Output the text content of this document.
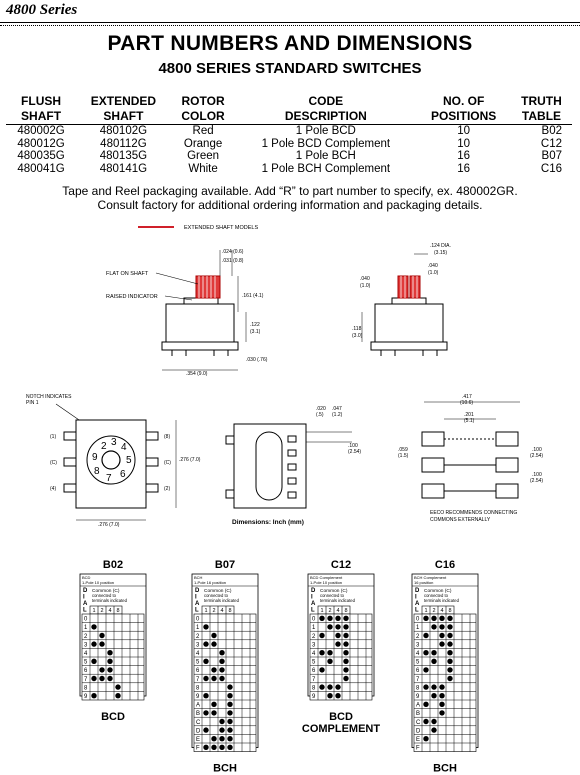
4800 Series
PART NUMBERS AND DIMENSIONS
4800 SERIES STANDARD SWITCHES
FLUSH	EXTENDED	ROTOR	CODE	NO. OF	TRUTH
SHAFT	SHAFT	COLOR	DESCRIPTION	POSITIONS	TABLE
480002G	480102G	Red	1 Pole BCD	10	B02
480012G	480112G	Orange	1 Pole BCD Complement	10	C12
480035G	480135G	Green	1 Pole BCH	16	B07
480041G	480141G	White	1 Pole BCH Complement	16	C16
Tape and Reel packaging available. Add “R” to part number to specify, ex. 480002GR.
Consult factory for additional ordering information and packaging details.
EXTENDED SHAFT MODELS
FLAT ON SHAFT
RAISED INDICATOR
.024 (0.6)
.031 (0.8)
.161 (4.1)
.122
(3.1)
.030 (.76)
.354 (9.0)
.124 DIA.
(3.15)
.040
(1.0)
.040
(1.0)
.118
(3.0)
NOTCH INDICATES
PIN 1
2 3 4
5
6
7
8
9
(1)
(C)
(4)
(8)
(C)
(2)
.276 (7.0)
.276 (7.0)
.020
(.5)
.047
(1.2)
.100
(2.54)
Dimensions: Inch (mm)
.417
(10.6)
.201
(5.1)
.059
(1.5)
.100
(2.54)
.100
(2.54)
EECO RECOMMENDS CONNECTING
COMMONS EXTERNALLY
B02
BCD
1-Pole 10 position
D
I
A
L
Common (C)
connected to
terminals indicated
1 2 4 8
0
1
2
3
4
5
6
7
8
9
BCD
B07
BCH
1-Pole 16 position
D
I
A
L
Common (C)
connected to
terminals indicated
1 2 4 8
0
1
2
3
4
5
6
7
8
9
A
B
C
D
E
F
BCH
C12
BCD Complement
1-Pole 10 position
D
I
A
L
Common (C)
connected to
terminals indicated
1 2 4 8
0
1
2
3
4
5
6
7
8
9
BCD
COMPLEMENT
C16
BCH Complement
16 position
D
I
A
L
Common (C)
connected to
terminals indicated
1 2 4 8
0
1
2
3
4
5
6
7
8
9
A
B
C
D
E
F
BCH
